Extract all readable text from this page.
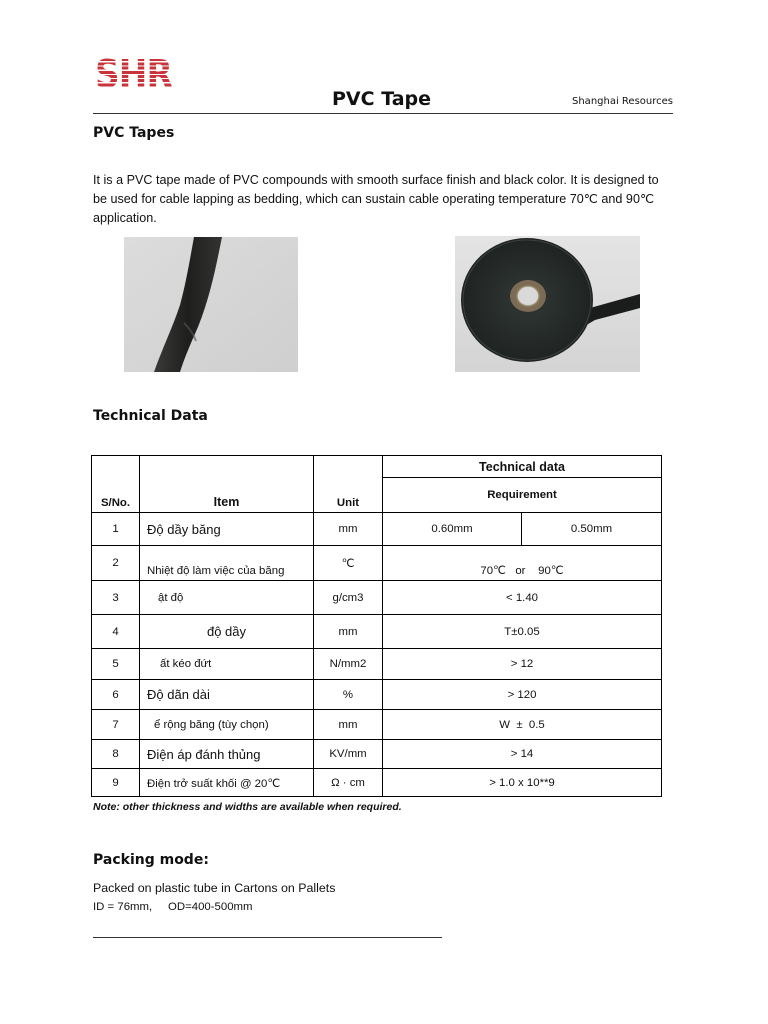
SHR
PVC Tape	Shanghai Resources
PVC Tapes
It is a PVC tape made of PVC compounds with smooth surface finish and black color. It is designed to
be used for cable lapping as bedding, which can sustain cable operating temperature 70℃ and 90℃
application.
Technical Data
S/No.	Item	Unit	Technical data	
			Requirement	
1	Độ dầy băng	mm	0.60mm	0.50mm
2	Nhiệt độ làm việc của băng	℃	70℃   or    90℃	
3	ật độ	g/cm3	< 1.40	
4	độ dầy	mm	T±0.05	
5	ất kéo đứt	N/mm2	> 12	
6	Độ dãn dài	%	> 120	
7	ể rộng băng (tùy chọn)	mm	W  ±  0.5	
8	Điện áp đánh thủng	KV/mm	> 14	
9	Điện trở suất khối @ 20℃	Ω · cm	> 1.0 x 10**9	
Note: other thickness and widths are available when required.
Packing mode:
Packed on plastic tube in Cartons on Pallets
ID = 76mm,     OD=400-500mm
